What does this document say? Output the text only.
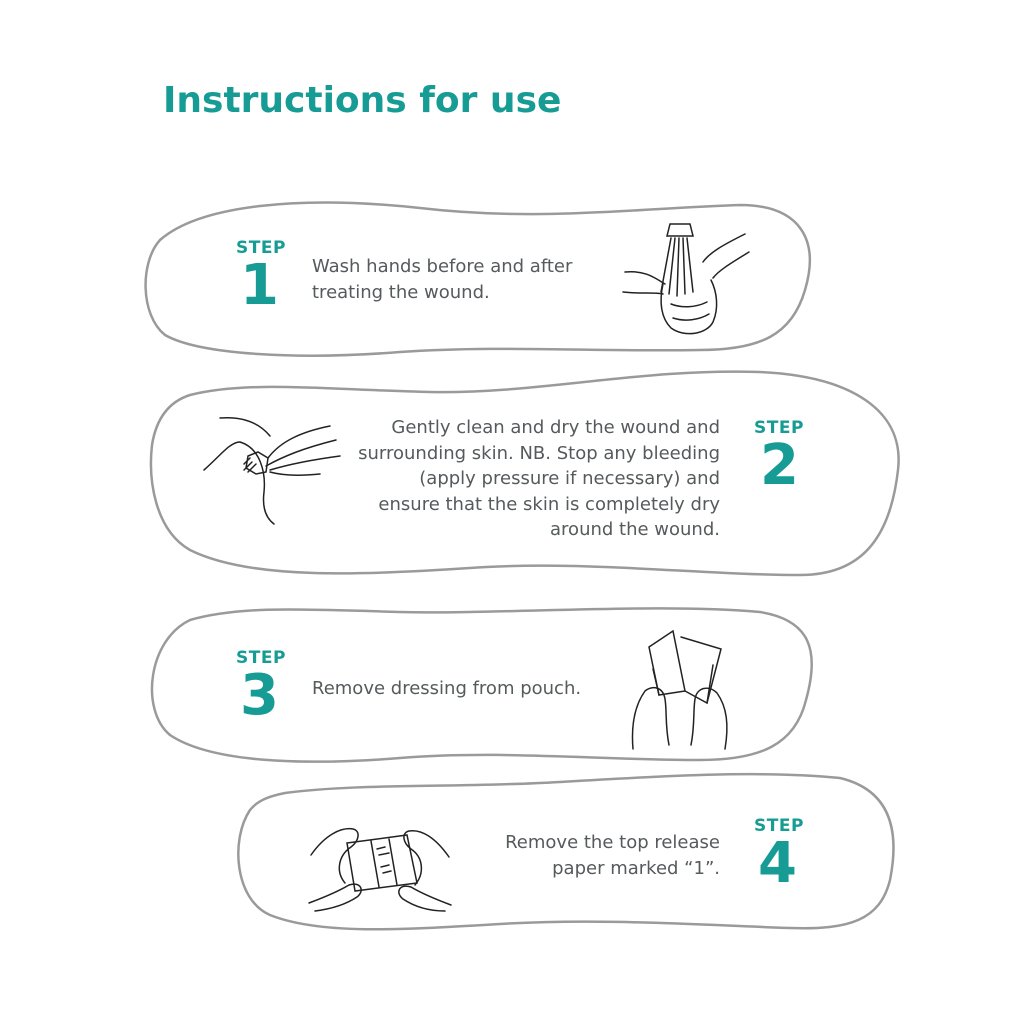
Instructions for use
STEP
1 Wash hands before and after treating the wound.
STEP
2
Gently clean and dry the wound and surrounding skin. NB. Stop any bleeding (apply pressure if necessary) and ensure that the skin is completely dry around the wound.
STEP
3 Remove dressing from pouch.
STEP
4
Remove the top release paper marked “1”.
